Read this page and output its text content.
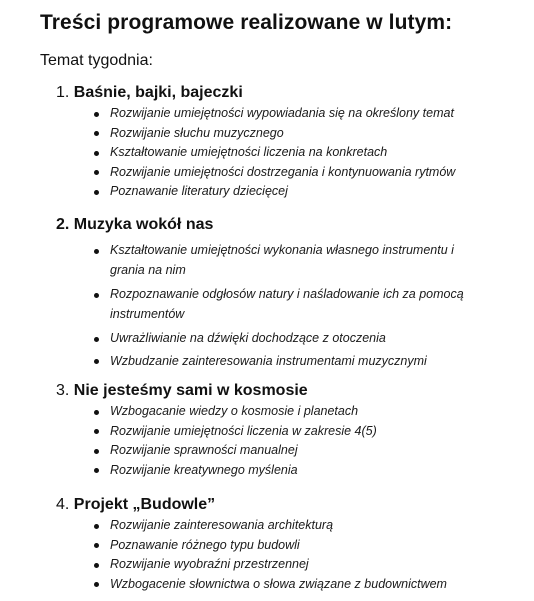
Treści programowe realizowane w lutym:
Temat tygodnia:
1. Baśnie, bajki, bajeczki
Rozwijanie umiejętności wypowiadania się na określony temat
Rozwijanie słuchu muzycznego
Kształtowanie umiejętności liczenia na konkretach
Rozwijanie umiejętności dostrzegania i kontynuowania rytmów
Poznawanie literatury dziecięcej
2. Muzyka wokół nas
Kształtowanie umiejętności wykonania własnego instrumentu i
grania na nim
Rozpoznawanie odgłosów natury i naśladowanie ich za pomocą
instrumentów
Uwrażliwianie na dźwięki dochodzące z otoczenia
Wzbudzanie zainteresowania instrumentami muzycznymi
3. Nie jesteśmy sami w kosmosie
Wzbogacanie wiedzy o kosmosie i planetach
Rozwijanie umiejętności liczenia w zakresie 4(5)
Rozwijanie sprawności manualnej
Rozwijanie kreatywnego myślenia
4. Projekt „Budowle”
Rozwijanie zainteresowania architekturą
Poznawanie różnego typu budowli
Rozwijanie wyobraźni przestrzennej
Wzbogacenie słownictwa o słowa związane z budownictwem
